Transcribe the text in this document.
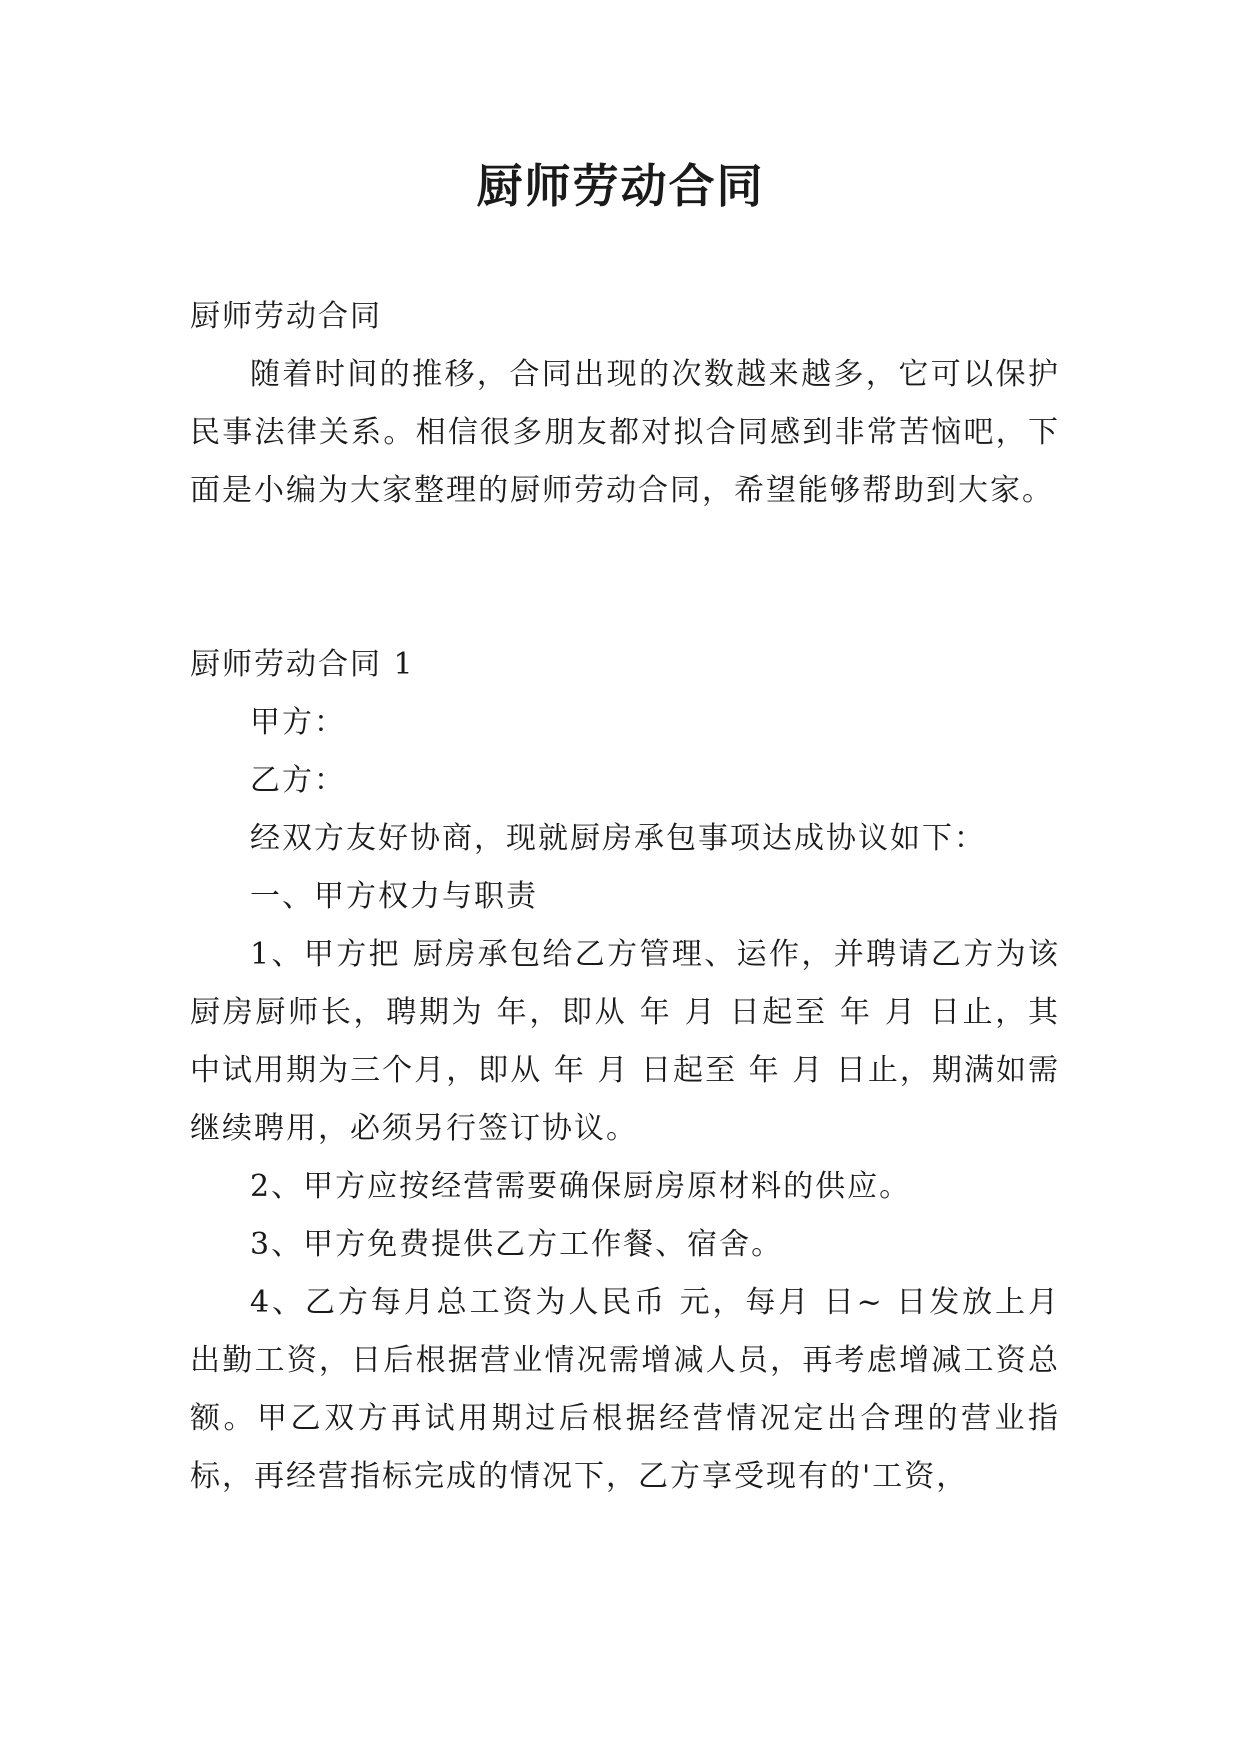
厨师劳动合同

厨师劳动合同

随着时间的推移，合同出现的次数越来越多，它可以保护民事法律关系。相信很多朋友都对拟合同感到非常苦恼吧，下面是小编为大家整理的厨师劳动合同，希望能够帮助到大家。

厨师劳动合同 1

甲方：

乙方：

经双方友好协商，现就厨房承包事项达成协议如下：

一、甲方权力与职责

1、甲方把 厨房承包给乙方管理、运作，并聘请乙方为该厨房厨师长，聘期为 年，即从 年 月 日起至 年 月 日止，其中试用期为三个月，即从 年 月 日起至 年 月 日止，期满如需继续聘用，必须另行签订协议。

2、甲方应按经营需要确保厨房原材料的供应。

3、甲方免费提供乙方工作餐、宿舍。

4、乙方每月总工资为人民币 元，每月 日~ 日发放上月出勤工资，日后根据营业情况需增减人员，再考虑增减工资总额。甲乙双方再试用期过后根据经营情况定出合理的营业指标，再经营指标完成的情况下，乙方享受现有的'工资，
